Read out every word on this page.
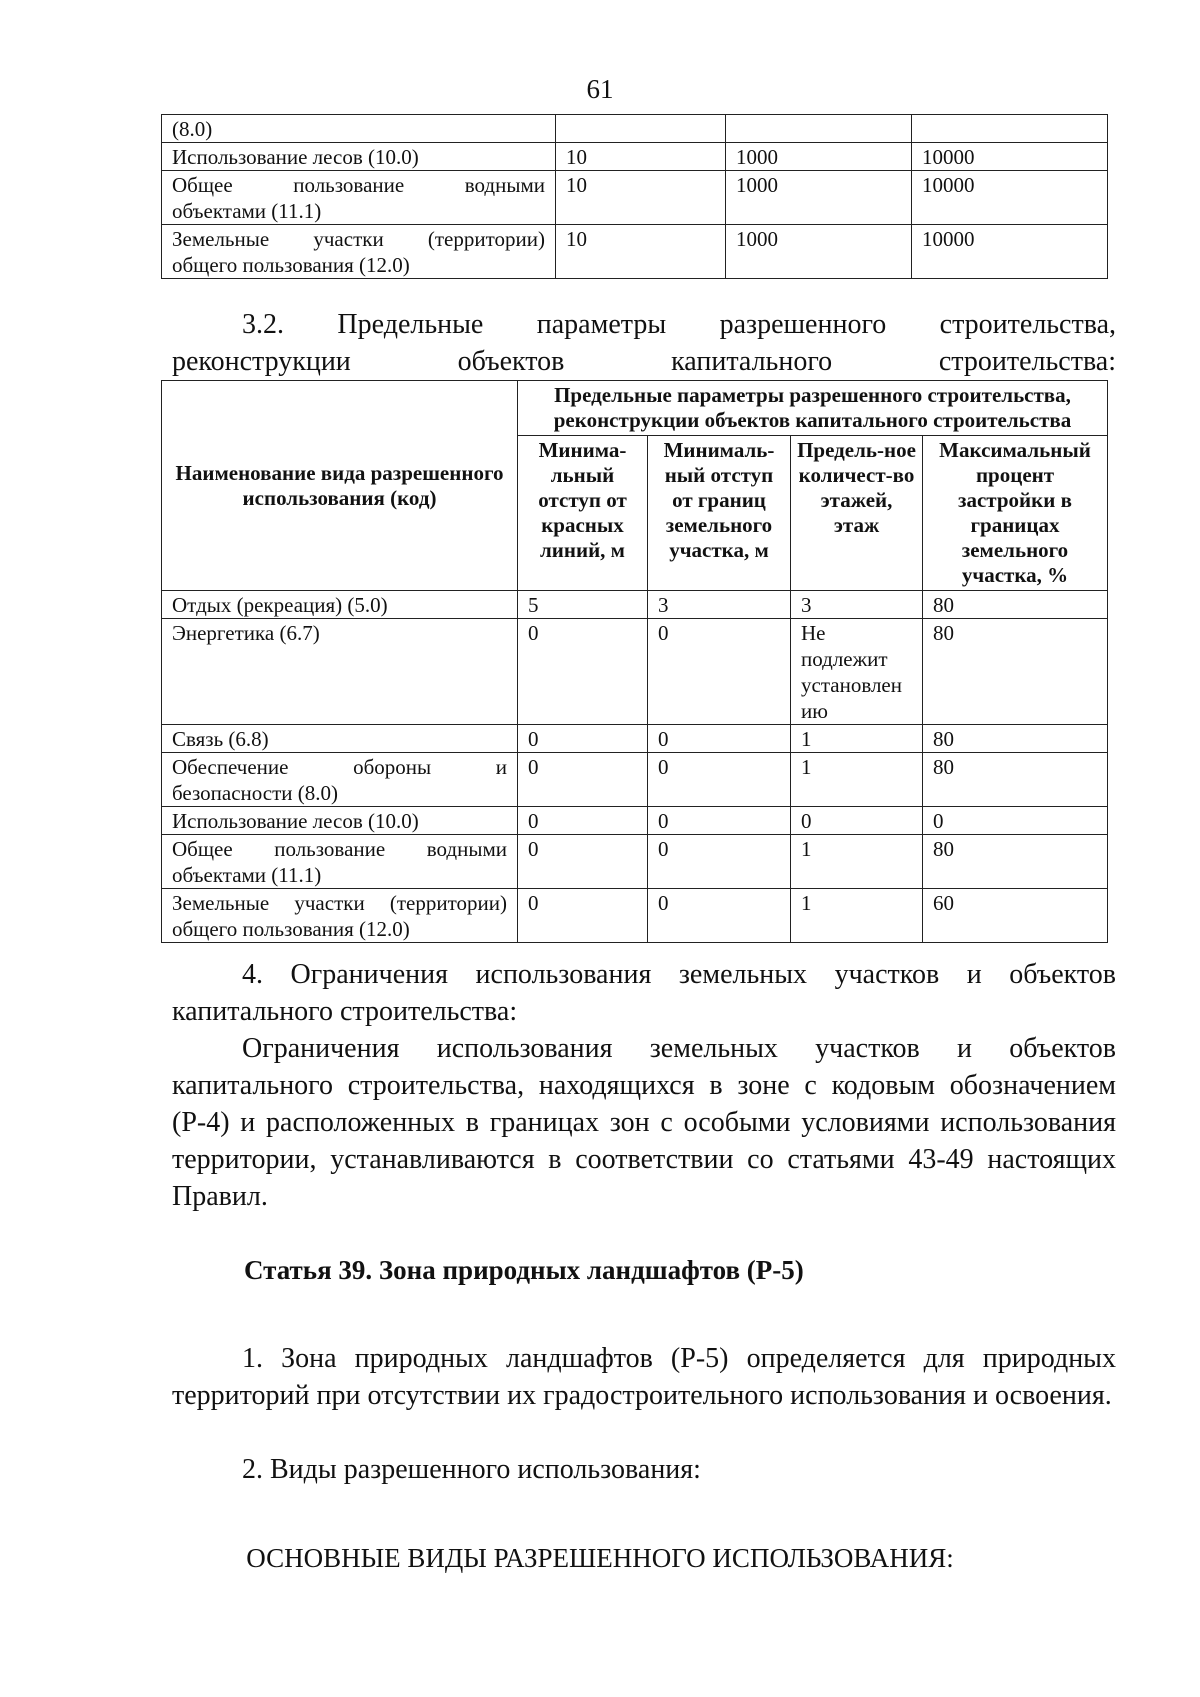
61
(8.0)			
Использование лесов (10.0)	10	1000	10000

Общее пользование водными
объектами (11.1)	10	1000	10000

Земельные участки (территории)
общего пользования (12.0)	10	1000	10000
3.2. Предельные параметры разрешенного строительства, реконструкции объектов капитального строительства:
Наименование вида разрешенного использования (код)	Предельные параметры разрешенного строительства, реконструкции объектов капитального строительства			
	Минима-льный отступ от красных линий, м	Минималь-ный отступ от границ земельного участка, м	Предель-ное количест-во этажей, этаж	Максимальный процент застройки в границах земельного участка, %
Отдых (рекреация) (5.0)	5	3	3	80
Энергетика (6.7)	0	0	Не подлежит установлен ию	80
Связь (6.8)	0	0	1	80

Обеспечение обороны и
безопасности (8.0)	0	0	1	80
Использование лесов (10.0)	0	0	0	0

Общее пользование водными
объектами (11.1)	0	0	1	80

Земельные участки (территории)
общего пользования (12.0)	0	0	1	60
4. Ограничения использования земельных участков и объектов капитального строительства:
Ограничения использования земельных участков и объектов капитального строительства, находящихся в зоне с кодовым обозначением (Р-4) и расположенных в границах зон с особыми условиями использования территории, устанавливаются в соответствии со статьями 43-49 настоящих Правил.
Статья 39. Зона природных ландшафтов (Р-5)
1. Зона природных ландшафтов (Р-5) определяется для природных территорий при отсутствии их градостроительного использования и освоения.
2. Виды разрешенного использования:
ОСНОВНЫЕ ВИДЫ РАЗРЕШЕННОГО ИСПОЛЬЗОВАНИЯ:
